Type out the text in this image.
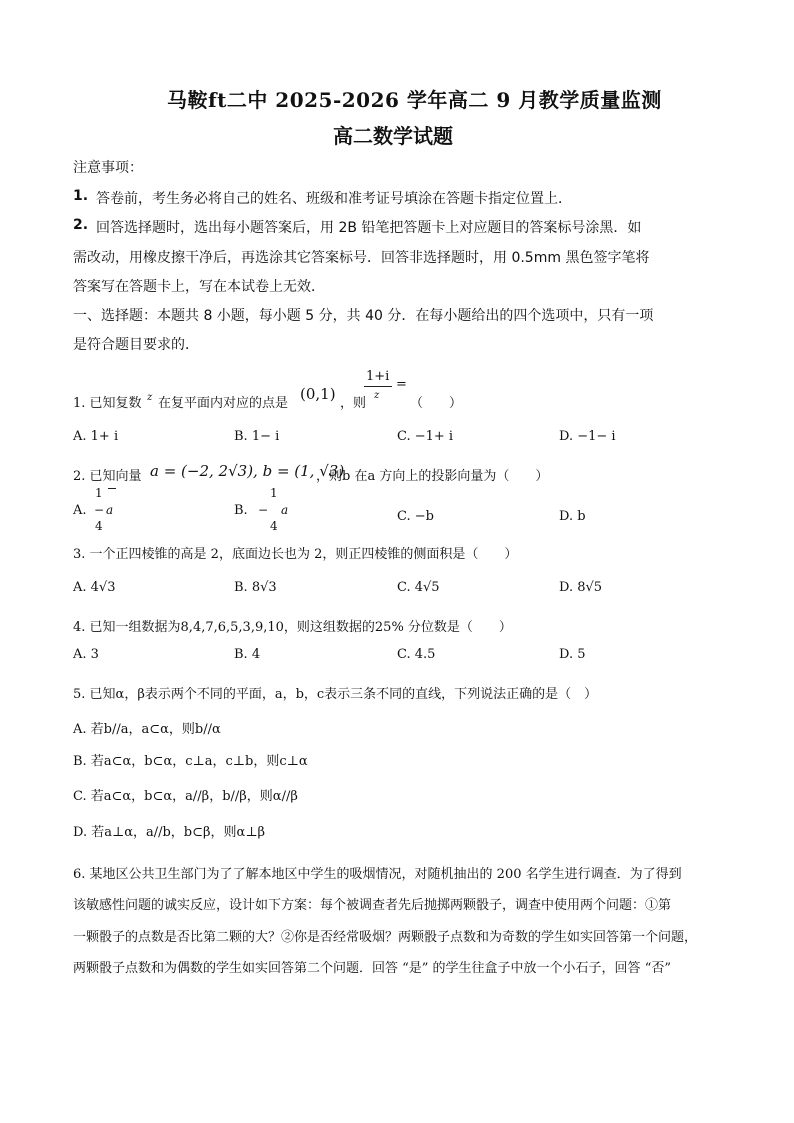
马鞍ft二中 2025-2026 学年高二 9 月教学质量监测
高二数学试题
注意事项：
1. 答卷前，考生务必将自己的姓名、班级和准考证号填涂在答题卡指定位置上．
2. 回答选择题时，选出每小题答案后，用 2B 铅笔把答题卡上对应题目的答案标号涂黑．如
需改动，用橡皮擦干净后，再选涂其它答案标号．回答非选择题时，用 0.5mm 黑色签字笔将
答案写在答题卡上，写在本试卷上无效．
一、选择题：本题共 8 小题，每小题 5 分，共 40 分．在每小题给出的四个选项中，只有一项
是符合题目要求的．
1. 已知复数 z 在复平面内对应的点是
(0,1)
，则
1+i
z
=
（　　）
A. 1+ i	B. 1− i	C. −1+ i	D. −1− i
2. 已知向量 a = (−2, 2√3), b = (1, √3)
，则b 在a 方向上的投影向量为（　　）
A.
1
a
−
4
B.
1
− a
4
C. −b	D. b
3. 一个正四棱锥的高是 2，底面边长也为 2，则正四棱锥的侧面积是（　　）
A. 4√3	B. 8√3	C. 4√5	D. 8√5
4. 已知一组数据为8,4,7,6,5,3,9,10，则这组数据的25% 分位数是（　　）
A. 3	B. 4	C. 4.5	D. 5
5. 已知α，β表示两个不同的平面，a，b，c表示三条不同的直线，下列说法正确的是（　）
A. 若b//a，a⊂α，则b//α
B. 若a⊂α，b⊂α，c⊥a，c⊥b，则c⊥α
C. 若a⊂α，b⊂α，a//β，b//β，则α//β
D. 若a⊥α，a//b，b⊂β，则α⊥β
6. 某地区公共卫生部门为了了解本地区中学生的吸烟情况，对随机抽出的 200 名学生进行调查．为了得到
该敏感性问题的诚实反应，设计如下方案：每个被调查者先后抛掷两颗骰子，调查中使用两个问题：①第
一颗骰子的点数是否比第二颗的大？②你是否经常吸烟？两颗骰子点数和为奇数的学生如实回答第一个问题，
两颗骰子点数和为偶数的学生如实回答第二个问题．回答 “是” 的学生往盒子中放一个小石子，回答 “否”
